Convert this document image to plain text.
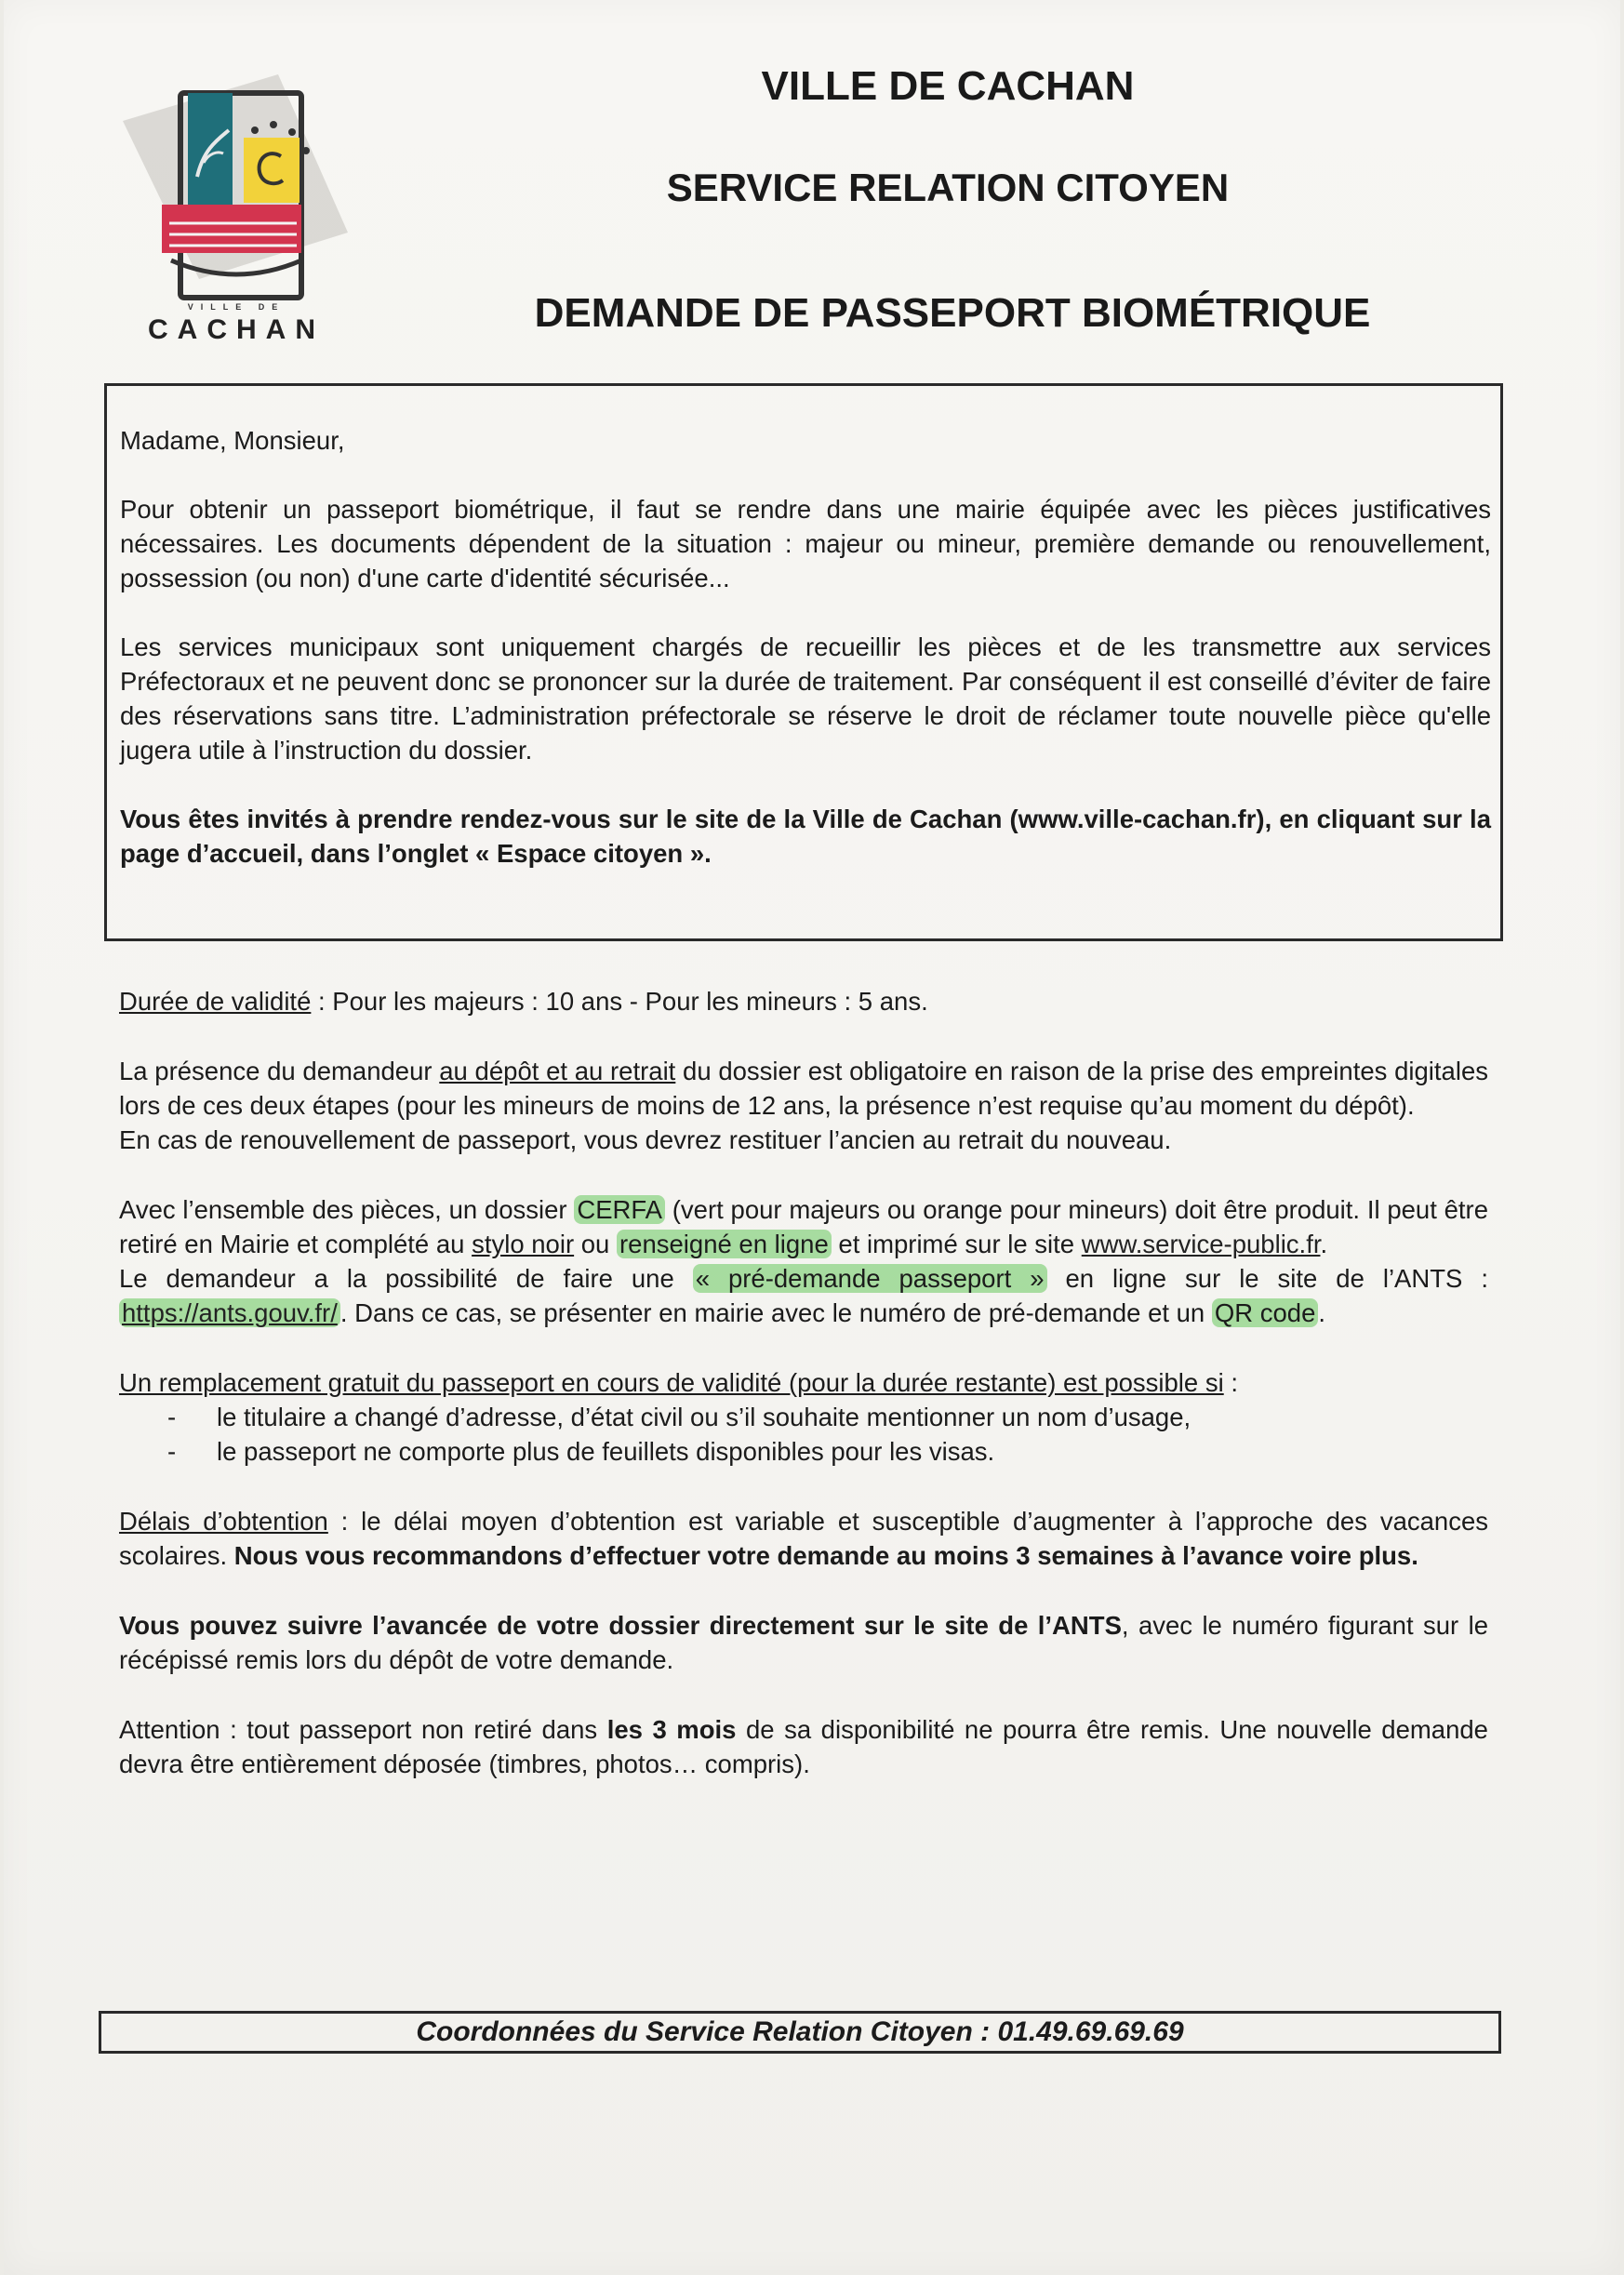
VILLE DE
CACHAN
VILLE DE CACHAN
SERVICE RELATION CITOYEN
DEMANDE DE PASSEPORT BIOMÉTRIQUE

Madame, Monsieur,

Pour obtenir un passeport biométrique, il faut se rendre dans une mairie équipée avec les pièces justificatives nécessaires. Les documents dépendent de la situation : majeur ou mineur, première demande ou renouvellement, possession (ou non) d'une carte d'identité sécurisée...

Les services municipaux sont uniquement chargés de recueillir les pièces et de les transmettre aux services Préfectoraux et ne peuvent donc se prononcer sur la durée de traitement. Par conséquent il est conseillé d’éviter de faire des réservations sans titre. L’administration préfectorale se réserve le droit de réclamer toute nouvelle pièce qu'elle jugera utile à l’instruction du dossier.

Vous êtes invités à prendre rendez-vous sur le site de la Ville de Cachan (www.ville-cachan.fr), en cliquant sur la page d’accueil, dans l’onglet « Espace citoyen ».

Durée de validité : Pour les majeurs : 10 ans - Pour les mineurs : 5 ans.

La présence du demandeur au dépôt et au retrait du dossier est obligatoire en raison de la prise des empreintes digitales lors de ces deux étapes (pour les mineurs de moins de 12 ans, la présence n’est requise qu’au moment du dépôt).

En cas de renouvellement de passeport, vous devrez restituer l’ancien au retrait du nouveau.

Avec l’ensemble des pièces, un dossier CERFA (vert pour majeurs ou orange pour mineurs) doit être produit. Il peut être retiré en Mairie et complété au stylo noir ou renseigné en ligne et imprimé sur le site www.service-public.fr.

Le demandeur a la possibilité de faire une « pré-demande passeport » en ligne sur le site de l’ANTS : https://ants.gouv.fr/ . Dans ce cas, se présenter en mairie avec le numéro de pré-demande et un QR code .

Un remplacement gratuit du passeport en cours de validité (pour la durée restante) est possible si :

- le titulaire a changé d’adresse, d’état civil ou s’il souhaite mentionner un nom d’usage,
- le passeport ne comporte plus de feuillets disponibles pour les visas.

Délais d’obtention : le délai moyen d’obtention est variable et susceptible d’augmenter à l’approche des vacances scolaires. Nous vous recommandons d’effectuer votre demande au moins 3 semaines à l’avance voire plus.

Vous pouvez suivre l’avancée de votre dossier directement sur le site de l’ANTS, avec le numéro figurant sur le récépissé remis lors du dépôt de votre demande.

Attention : tout passeport non retiré dans les 3 mois de sa disponibilité ne pourra être remis. Une nouvelle demande devra être entièrement déposée (timbres, photos… compris).

Coordonnées du Service Relation Citoyen : 01.49.69.69.69
